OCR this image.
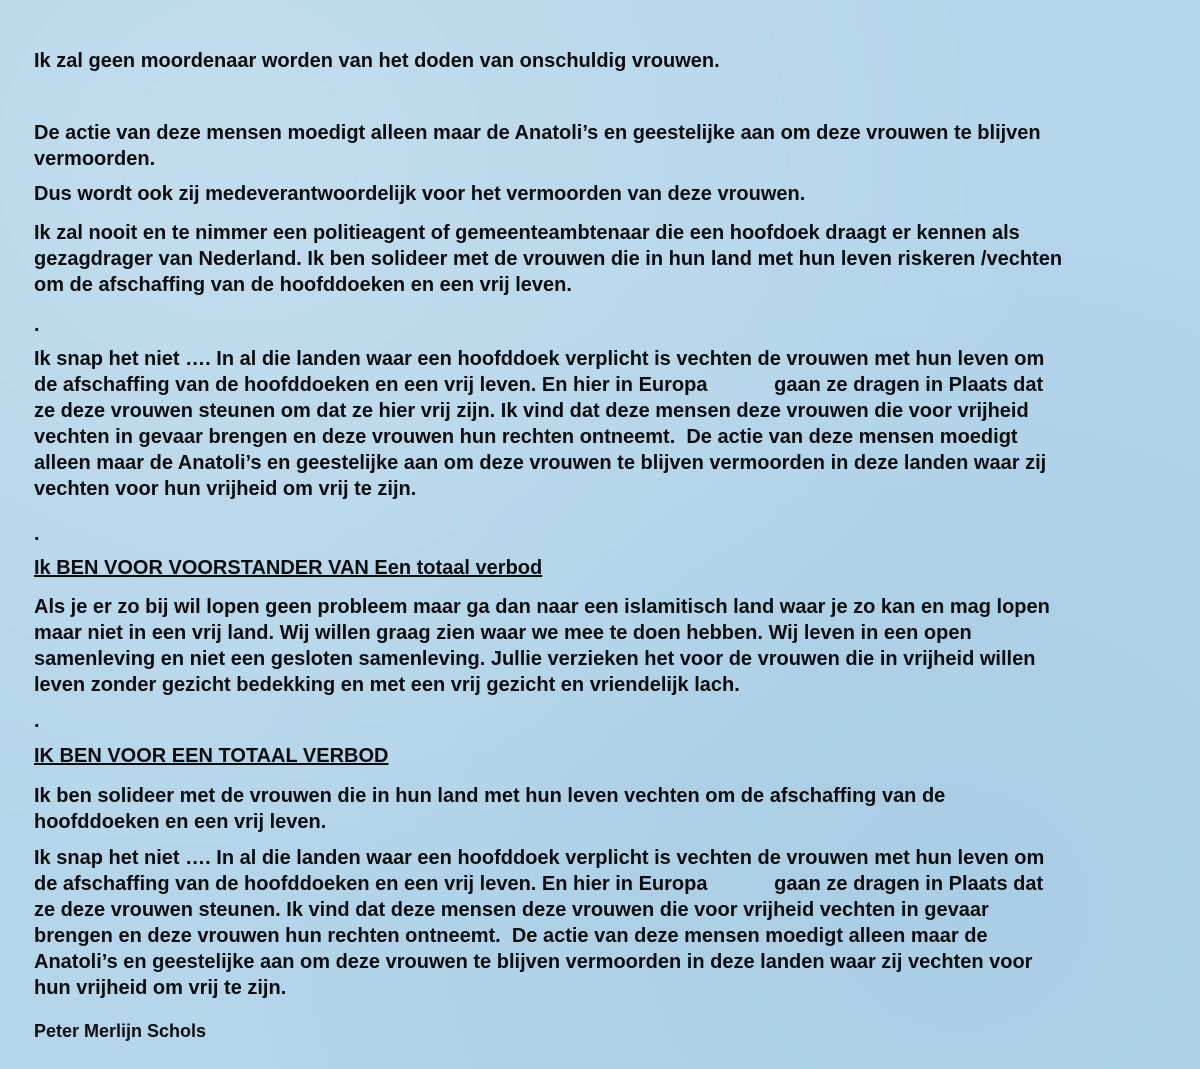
Ik zal geen moordenaar worden van het doden van onschuldig vrouwen.

De actie van deze mensen moedigt alleen maar de Anatoli’s en geestelijke aan om deze vrouwen te blijven
vermoorden.

Dus wordt ook zij medeverantwoordelijk voor het vermoorden van deze vrouwen.

Ik zal nooit en te nimmer een politieagent of gemeenteambtenaar die een hoofdoek draagt er kennen als
gezagdrager van Nederland. Ik ben solideer met de vrouwen die in hun land met hun leven riskeren /vechten
om de afschaffing van de hoofddoeken en een vrij leven.

.

Ik snap het niet …. In al die landen waar een hoofddoek verplicht is vechten de vrouwen met hun leven om
de afschaffing van de hoofddoeken en een vrij leven. En hier in Europa            gaan ze dragen in Plaats dat
ze deze vrouwen steunen om dat ze hier vrij zijn. Ik vind dat deze mensen deze vrouwen die voor vrijheid
vechten in gevaar brengen en deze vrouwen hun rechten ontneemt.  De actie van deze mensen moedigt
alleen maar de Anatoli’s en geestelijke aan om deze vrouwen te blijven vermoorden in deze landen waar zij
vechten voor hun vrijheid om vrij te zijn.

.

Ik BEN VOOR VOORSTANDER VAN Een totaal verbod

Als je er zo bij wil lopen geen probleem maar ga dan naar een islamitisch land waar je zo kan en mag lopen
maar niet in een vrij land. Wij willen graag zien waar we mee te doen hebben. Wij leven in een open
samenleving en niet een gesloten samenleving. Jullie verzieken het voor de vrouwen die in vrijheid willen
leven zonder gezicht bedekking en met een vrij gezicht en vriendelijk lach.

.

IK BEN VOOR EEN TOTAAL VERBOD

Ik ben solideer met de vrouwen die in hun land met hun leven vechten om de afschaffing van de
hoofddoeken en een vrij leven.

Ik snap het niet …. In al die landen waar een hoofddoek verplicht is vechten de vrouwen met hun leven om
de afschaffing van de hoofddoeken en een vrij leven. En hier in Europa            gaan ze dragen in Plaats dat
ze deze vrouwen steunen. Ik vind dat deze mensen deze vrouwen die voor vrijheid vechten in gevaar
brengen en deze vrouwen hun rechten ontneemt.  De actie van deze mensen moedigt alleen maar de
Anatoli’s en geestelijke aan om deze vrouwen te blijven vermoorden in deze landen waar zij vechten voor
hun vrijheid om vrij te zijn.

Peter Merlijn Schols
